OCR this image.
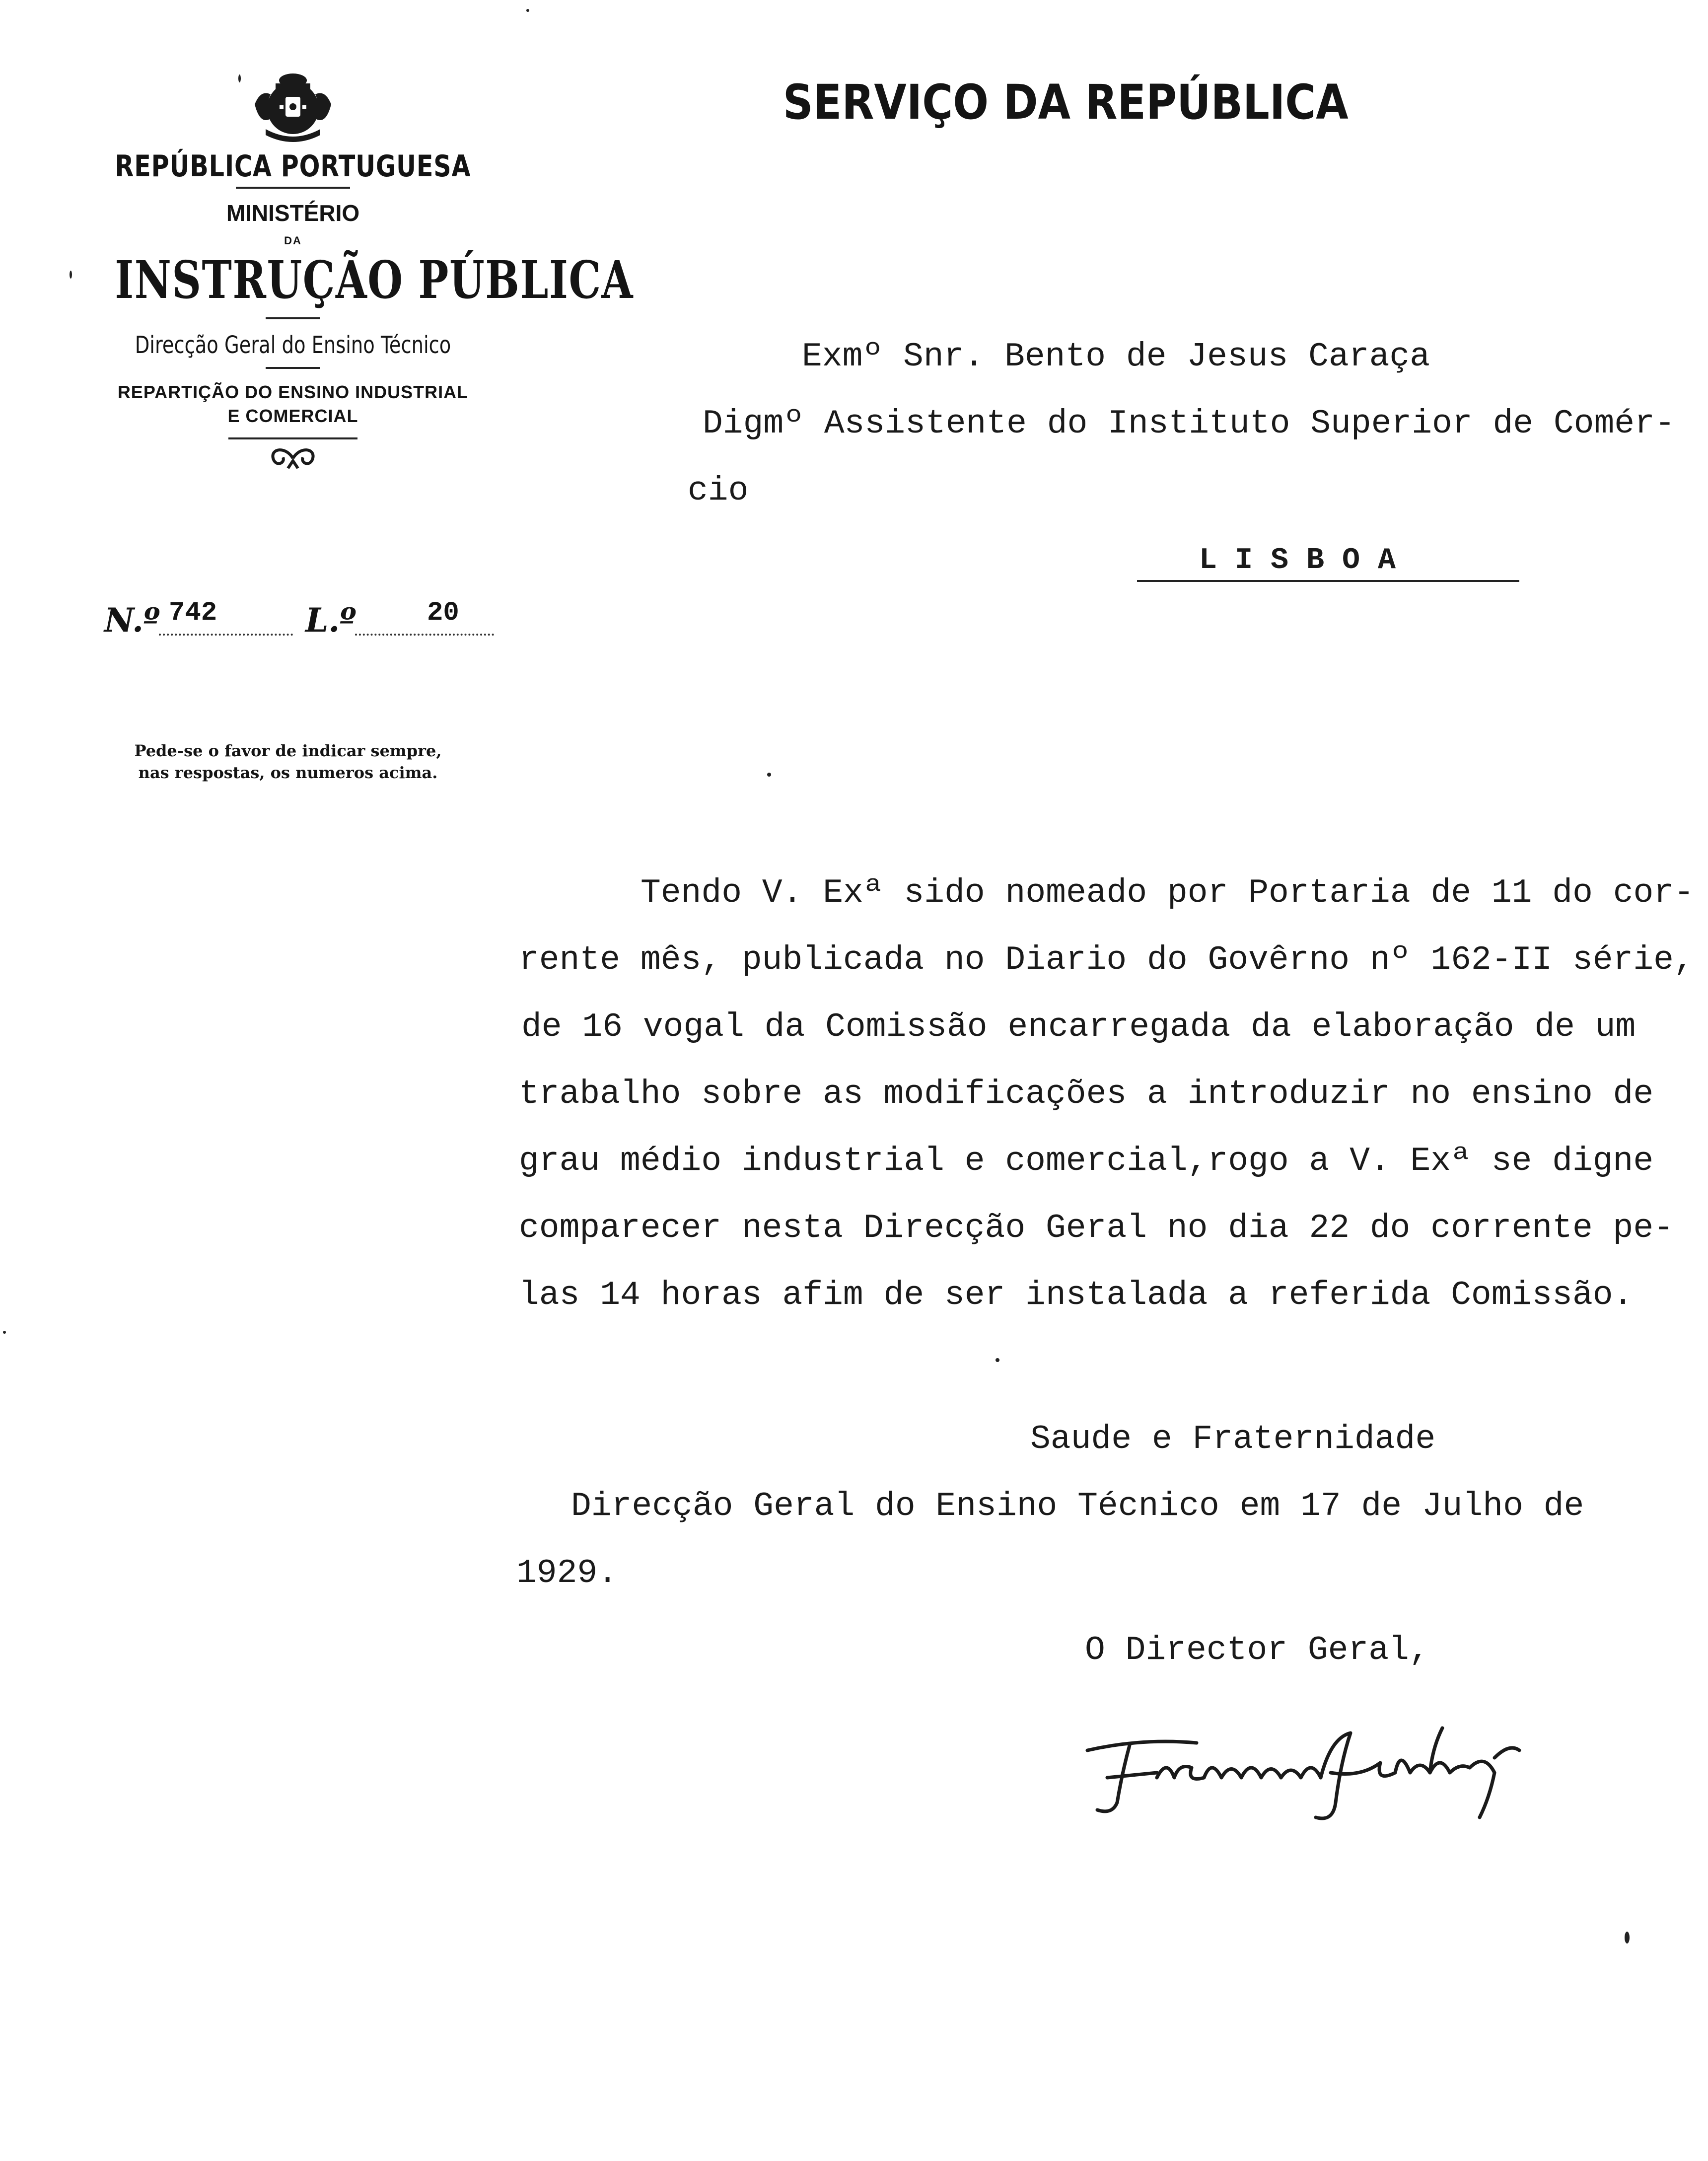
REPÚBLICA PORTUGUESA
MINISTÉRIO
DA
INSTRUÇÃO PÚBLICA
Direcção Geral do Ensino Técnico
REPARTIÇÃO DO ENSINO INDUSTRIAL
E COMERCIAL
N.º 742	L.º	20
Pede-se o favor de indicar sempre,
nas respostas, os numeros acima.
SERVIÇO DA REPÚBLICA
Exmº Snr. Bento de Jesus Caraça
Digmº Assistente do Instituto Superior de Comér-
cio
L I S B O A
Tendo V. Exª sido nomeado por Portaria de 11 do cor-
rente mês, publicada no Diario do Govêrno nº 162-II série,
de 16 vogal da Comissão encarregada da elaboração de um
trabalho sobre as modificações a introduzir no ensino de
grau médio industrial e comercial,rogo a V. Exª se digne
comparecer nesta Direcção Geral no dia 22 do corrente pe-
las 14 horas afim de ser instalada a referida Comissão.
Saude e Fraternidade
Direcção Geral do Ensino Técnico em 17 de Julho de
1929.
O Director Geral,
